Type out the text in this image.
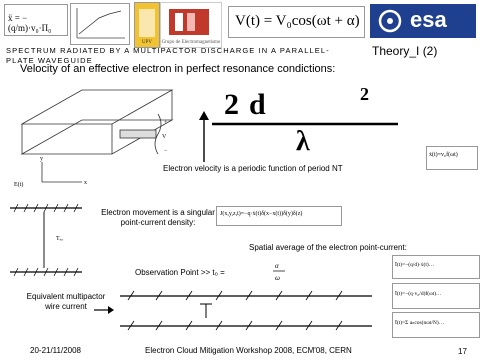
ẍ = −(q/m)·v₀·Π₀
UPV Grupo de Electromagnetismo
V(t) = V₀cos(ωt + α) esa
SPECTRUM RADIATED BY A MULTIPACTOR DISCHARGE IN A PARALLEL-
PLATE WAVEGUIDE
Theory_I (2)
Velocity of an effective electron in perfect resonance condictions:
V
+
−
x
y
E(t)
2d	2
λ
Electron velocity is a periodic function of period NT
ẋ(t)=v₀f(ωt)
Tₑₓ
Electron movement is a singular point-current density:
J(x,y,z,t)=−q·ẋ(t)δ(x−x(t))δ(y)δ(z)
Spatial average of the electron point-current:
Observation Point >> t₀ =
α
ω
Ī(t)=−(q/d)·ẋ(t)…
Ī(t)=−(q·v₀/d)f(ωt)…
Ī(t)=Σ aₙcos(nωt/N)…
Equivalent multipactor wire current
20-21/11/2008	Electron Cloud Mitigation Workshop 2008, ECM'08, CERN	17
